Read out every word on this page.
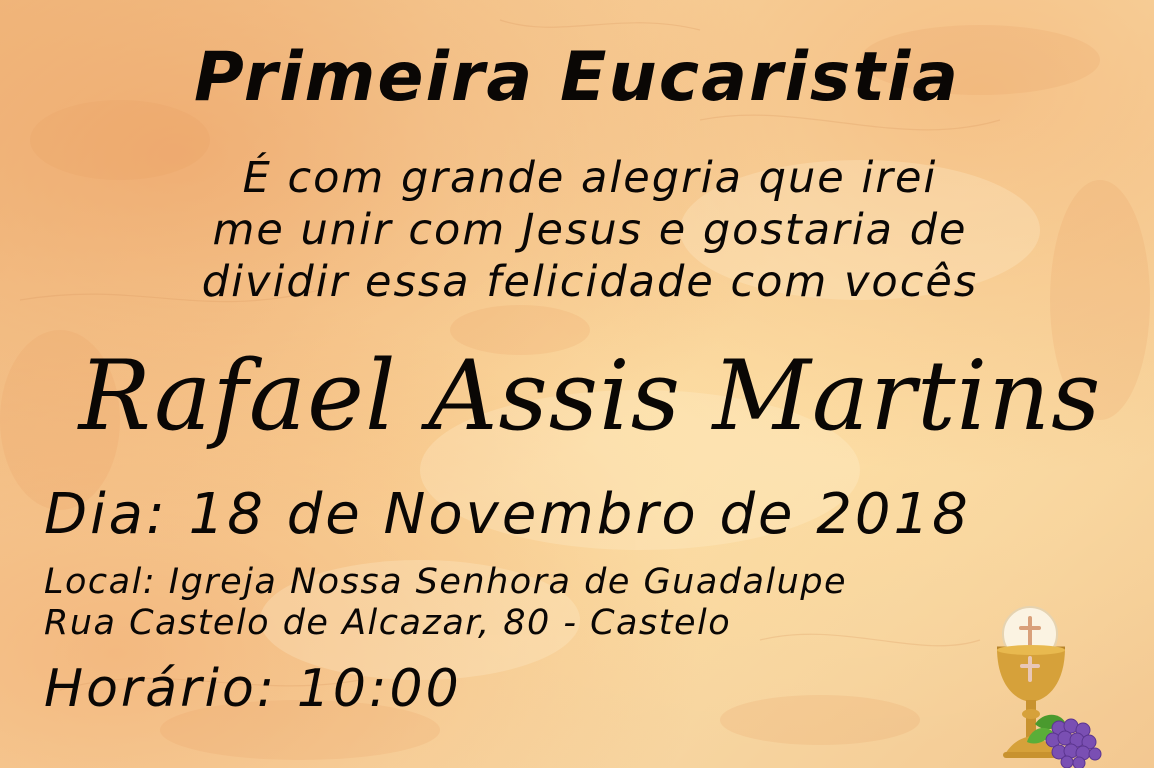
Primeira Eucaristia
É com grande alegria que irei
me unir com Jesus e gostaria de
dividir essa felicidade com vocês
Rafael Assis Martins
Dia: 18 de Novembro de 2018
Local: Igreja Nossa Senhora de Guadalupe
Rua Castelo de Alcazar, 80 - Castelo
Horário: 10:00
